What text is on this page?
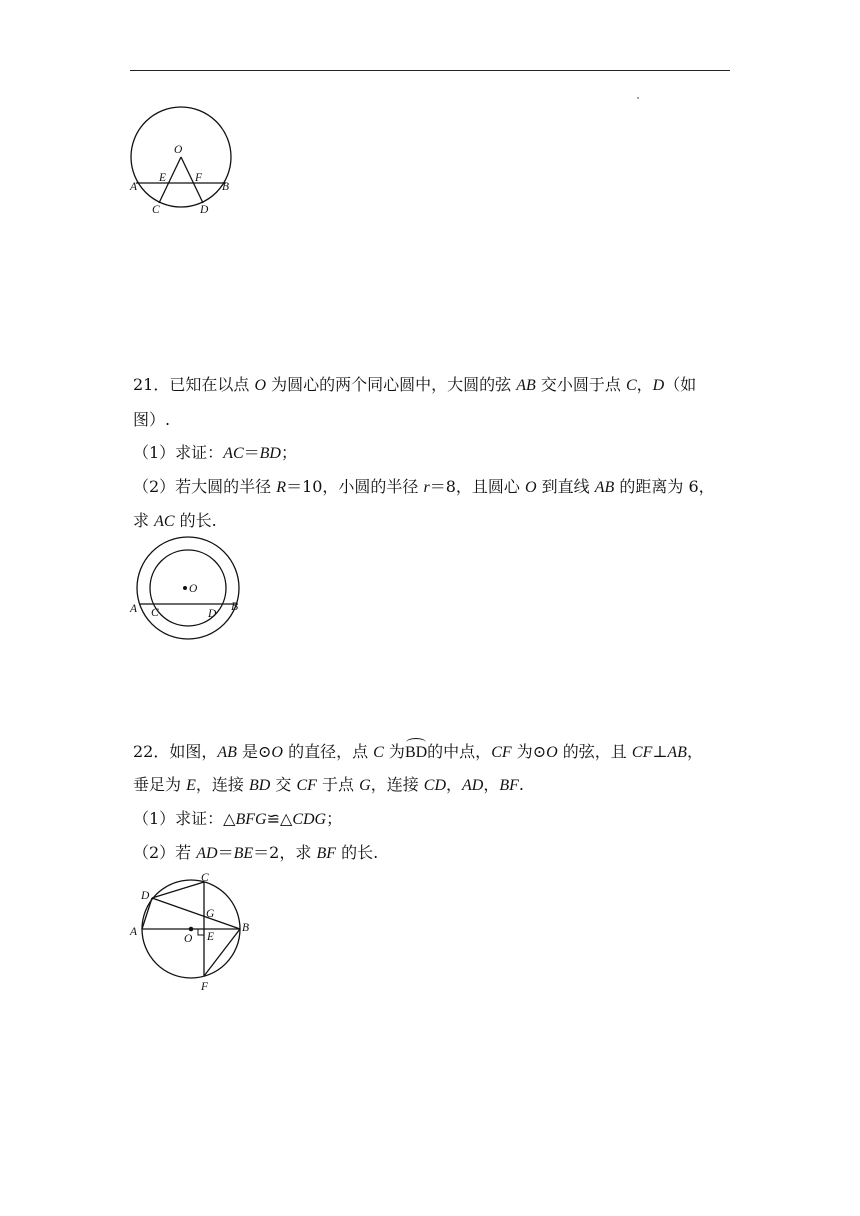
O
A	B
E	F
C	D
21．已知在以点 O 为圆心的两个同心圆中，大圆的弦 AB 交小圆于点 C，D（如
图）.
（1）求证：AC＝BD；
（2）若大圆的半径 R＝10，小圆的半径 r＝8，且圆心 O 到直线 AB 的距离为 6，
求 AC 的长.
O
A	B
C	D
22．如图，AB 是⊙O 的直径，点 C 为BD的中点，CF 为⊙O 的弦，且 CF⊥AB，
垂足为 E，连接 BD 交 CF 于点 G，连接 CD，AD，BF.
（1）求证：△BFG≌△CDG；
（2）若 AD＝BE＝2，求 BF 的长.
C
D
G
A	B
O E
F
